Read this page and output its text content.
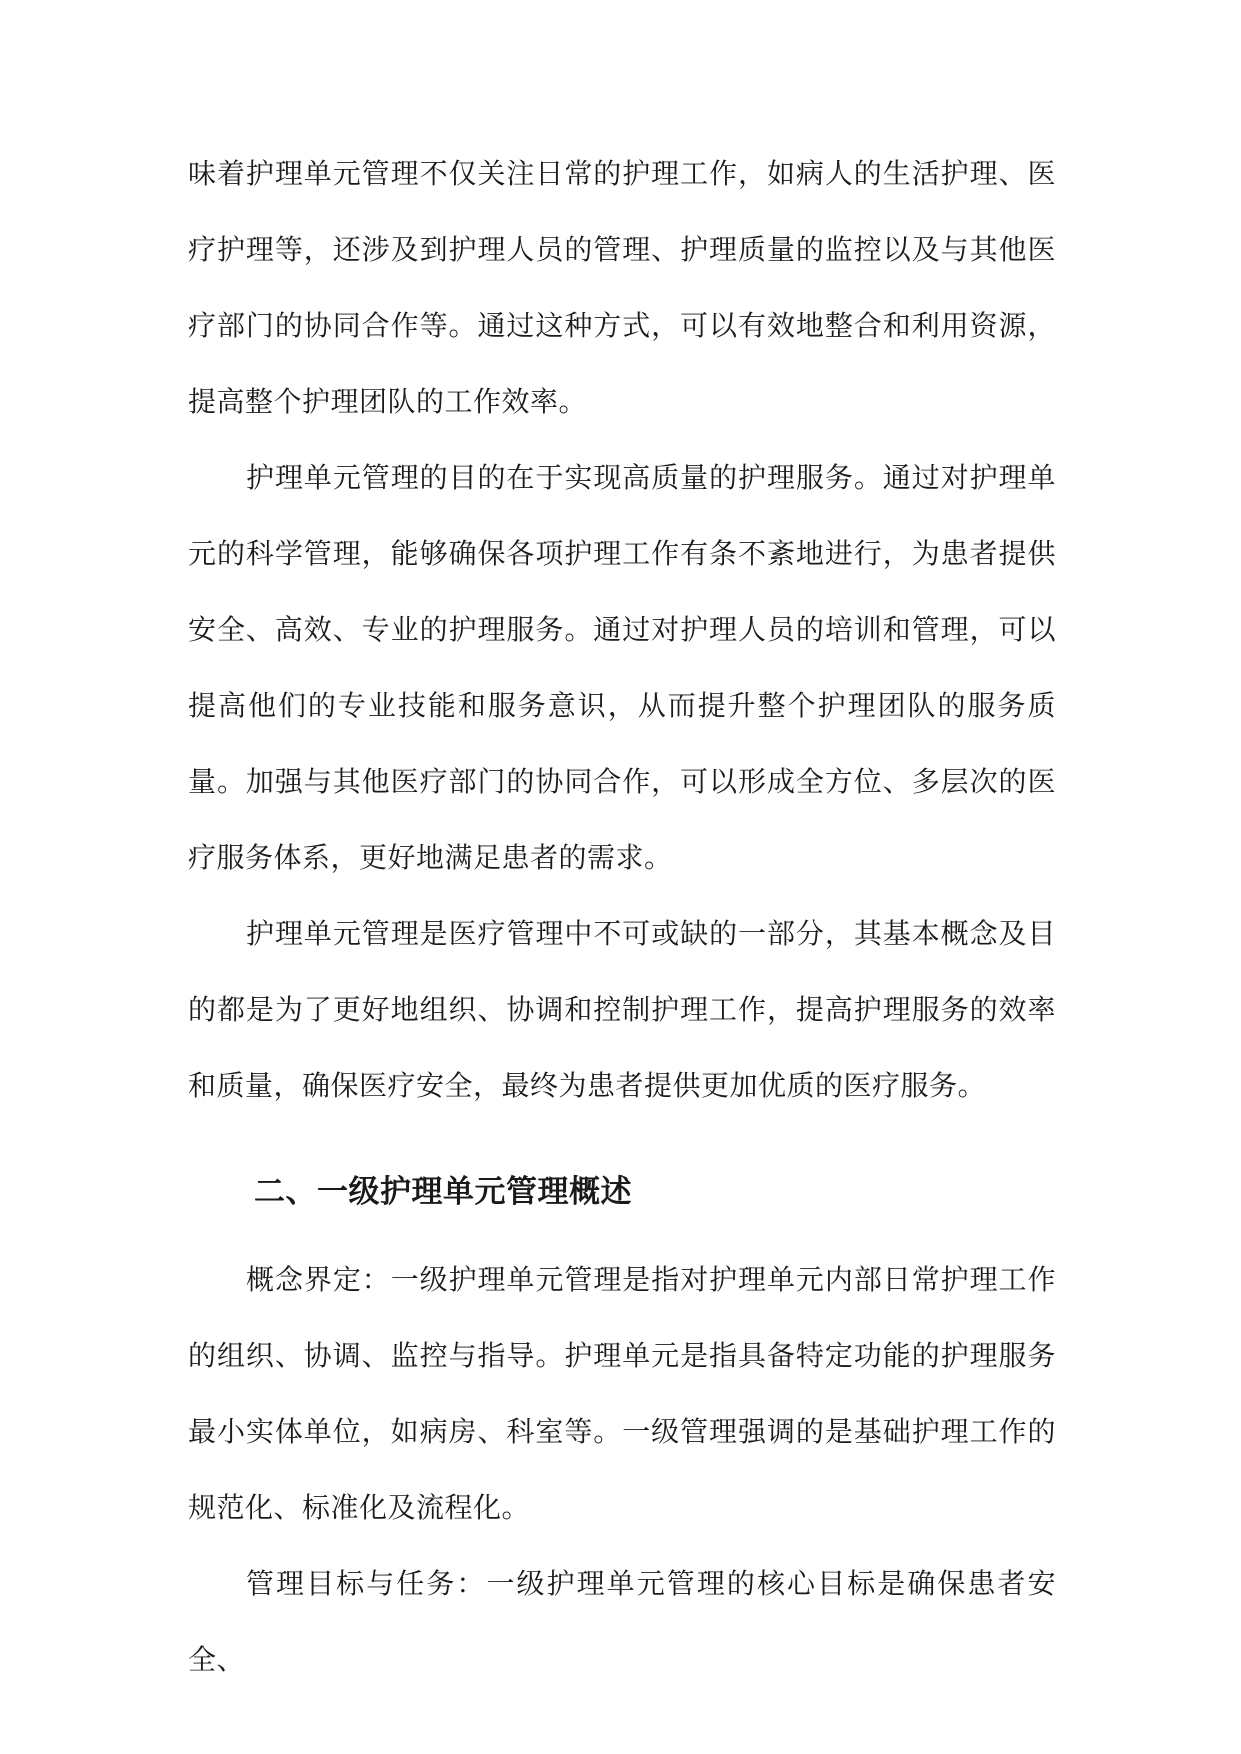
味着护理单元管理不仅关注日常的护理工作，如病人的生活护理、医疗护理等，还涉及到护理人员的管理、护理质量的监控以及与其他医疗部门的协同合作等。通过这种方式，可以有效地整合和利用资源，提高整个护理团队的工作效率。

护理单元管理的目的在于实现高质量的护理服务。通过对护理单元的科学管理，能够确保各项护理工作有条不紊地进行，为患者提供安全、高效、专业的护理服务。通过对护理人员的培训和管理，可以提高他们的专业技能和服务意识，从而提升整个护理团队的服务质量。加强与其他医疗部门的协同合作，可以形成全方位、多层次的医疗服务体系，更好地满足患者的需求。

护理单元管理是医疗管理中不可或缺的一部分，其基本概念及目的都是为了更好地组织、协调和控制护理工作，提高护理服务的效率和质量，确保医疗安全，最终为患者提供更加优质的医疗服务。

二、一级护理单元管理概述

概念界定：一级护理单元管理是指对护理单元内部日常护理工作的组织、协调、监控与指导。护理单元是指具备特定功能的护理服务最小实体单位，如病房、科室等。一级管理强调的是基础护理工作的规范化、标准化及流程化。

管理目标与任务：一级护理单元管理的核心目标是确保患者安全、
